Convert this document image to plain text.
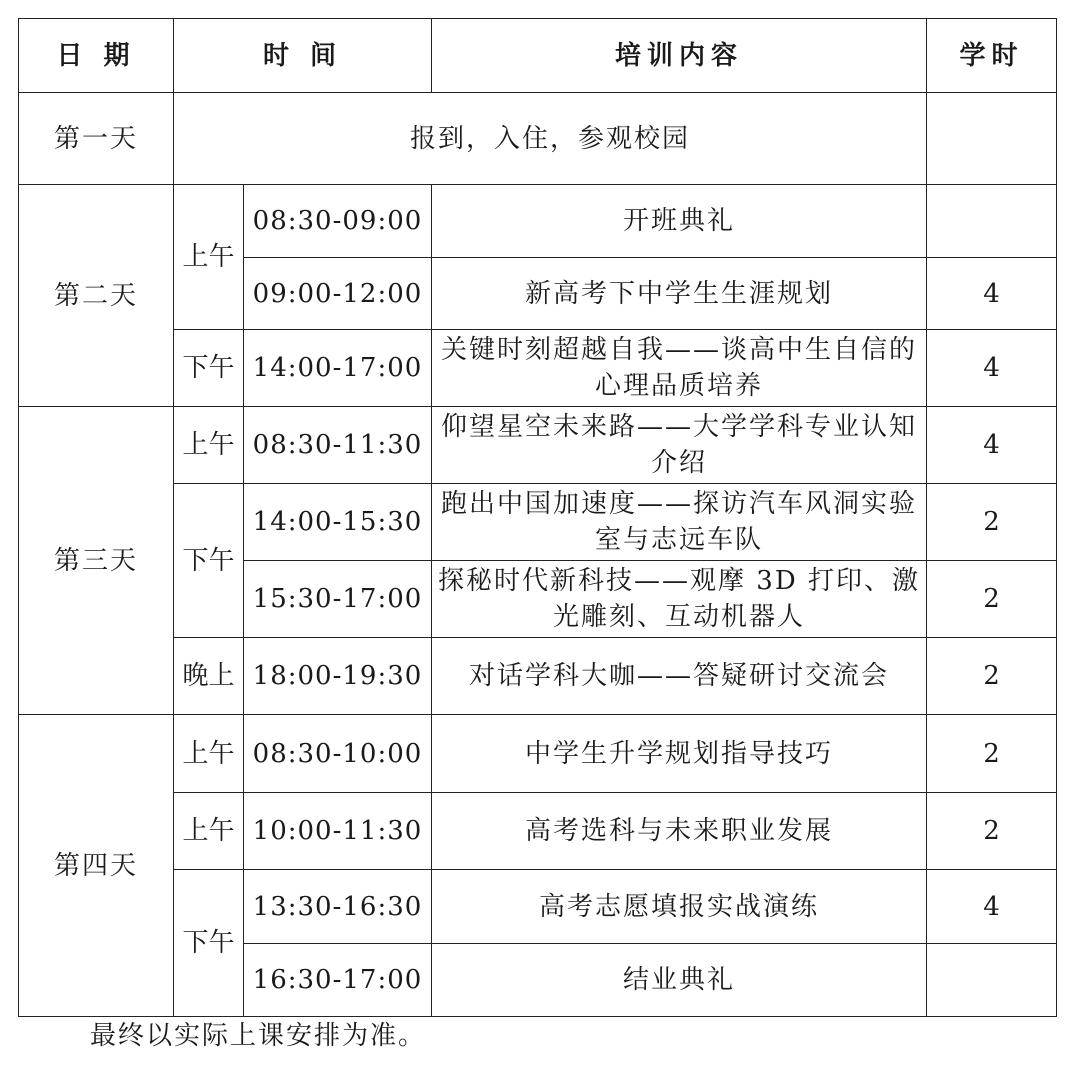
日 期	时 间		培训内容	学时
第一天	报到，入住，参观校园			
第二天	上午	08:30-09:00	开班典礼	
		09:00-12:00	新高考下中学生生涯规划	4
	下午	14:00-17:00	关键时刻超越自我——谈高中生自信的心理品质培养	4
第三天	上午	08:30-11:30	仰望星空未来路——大学学科专业认知介绍	4
	下午	14:00-15:30	跑出中国加速度——探访汽车风洞实验室与志远车队	2
		15:30-17:00	探秘时代新科技——观摩 3D 打印、激光雕刻、互动机器人	2
	晚上	18:00-19:30	对话学科大咖——答疑研讨交流会	2
第四天	上午	08:30-10:00	中学生升学规划指导技巧	2
	上午	10:00-11:30	高考选科与未来职业发展	2
	下午	13:30-16:30	高考志愿填报实战演练	4
		16:30-17:00	结业典礼	
最终以实际上课安排为准。
